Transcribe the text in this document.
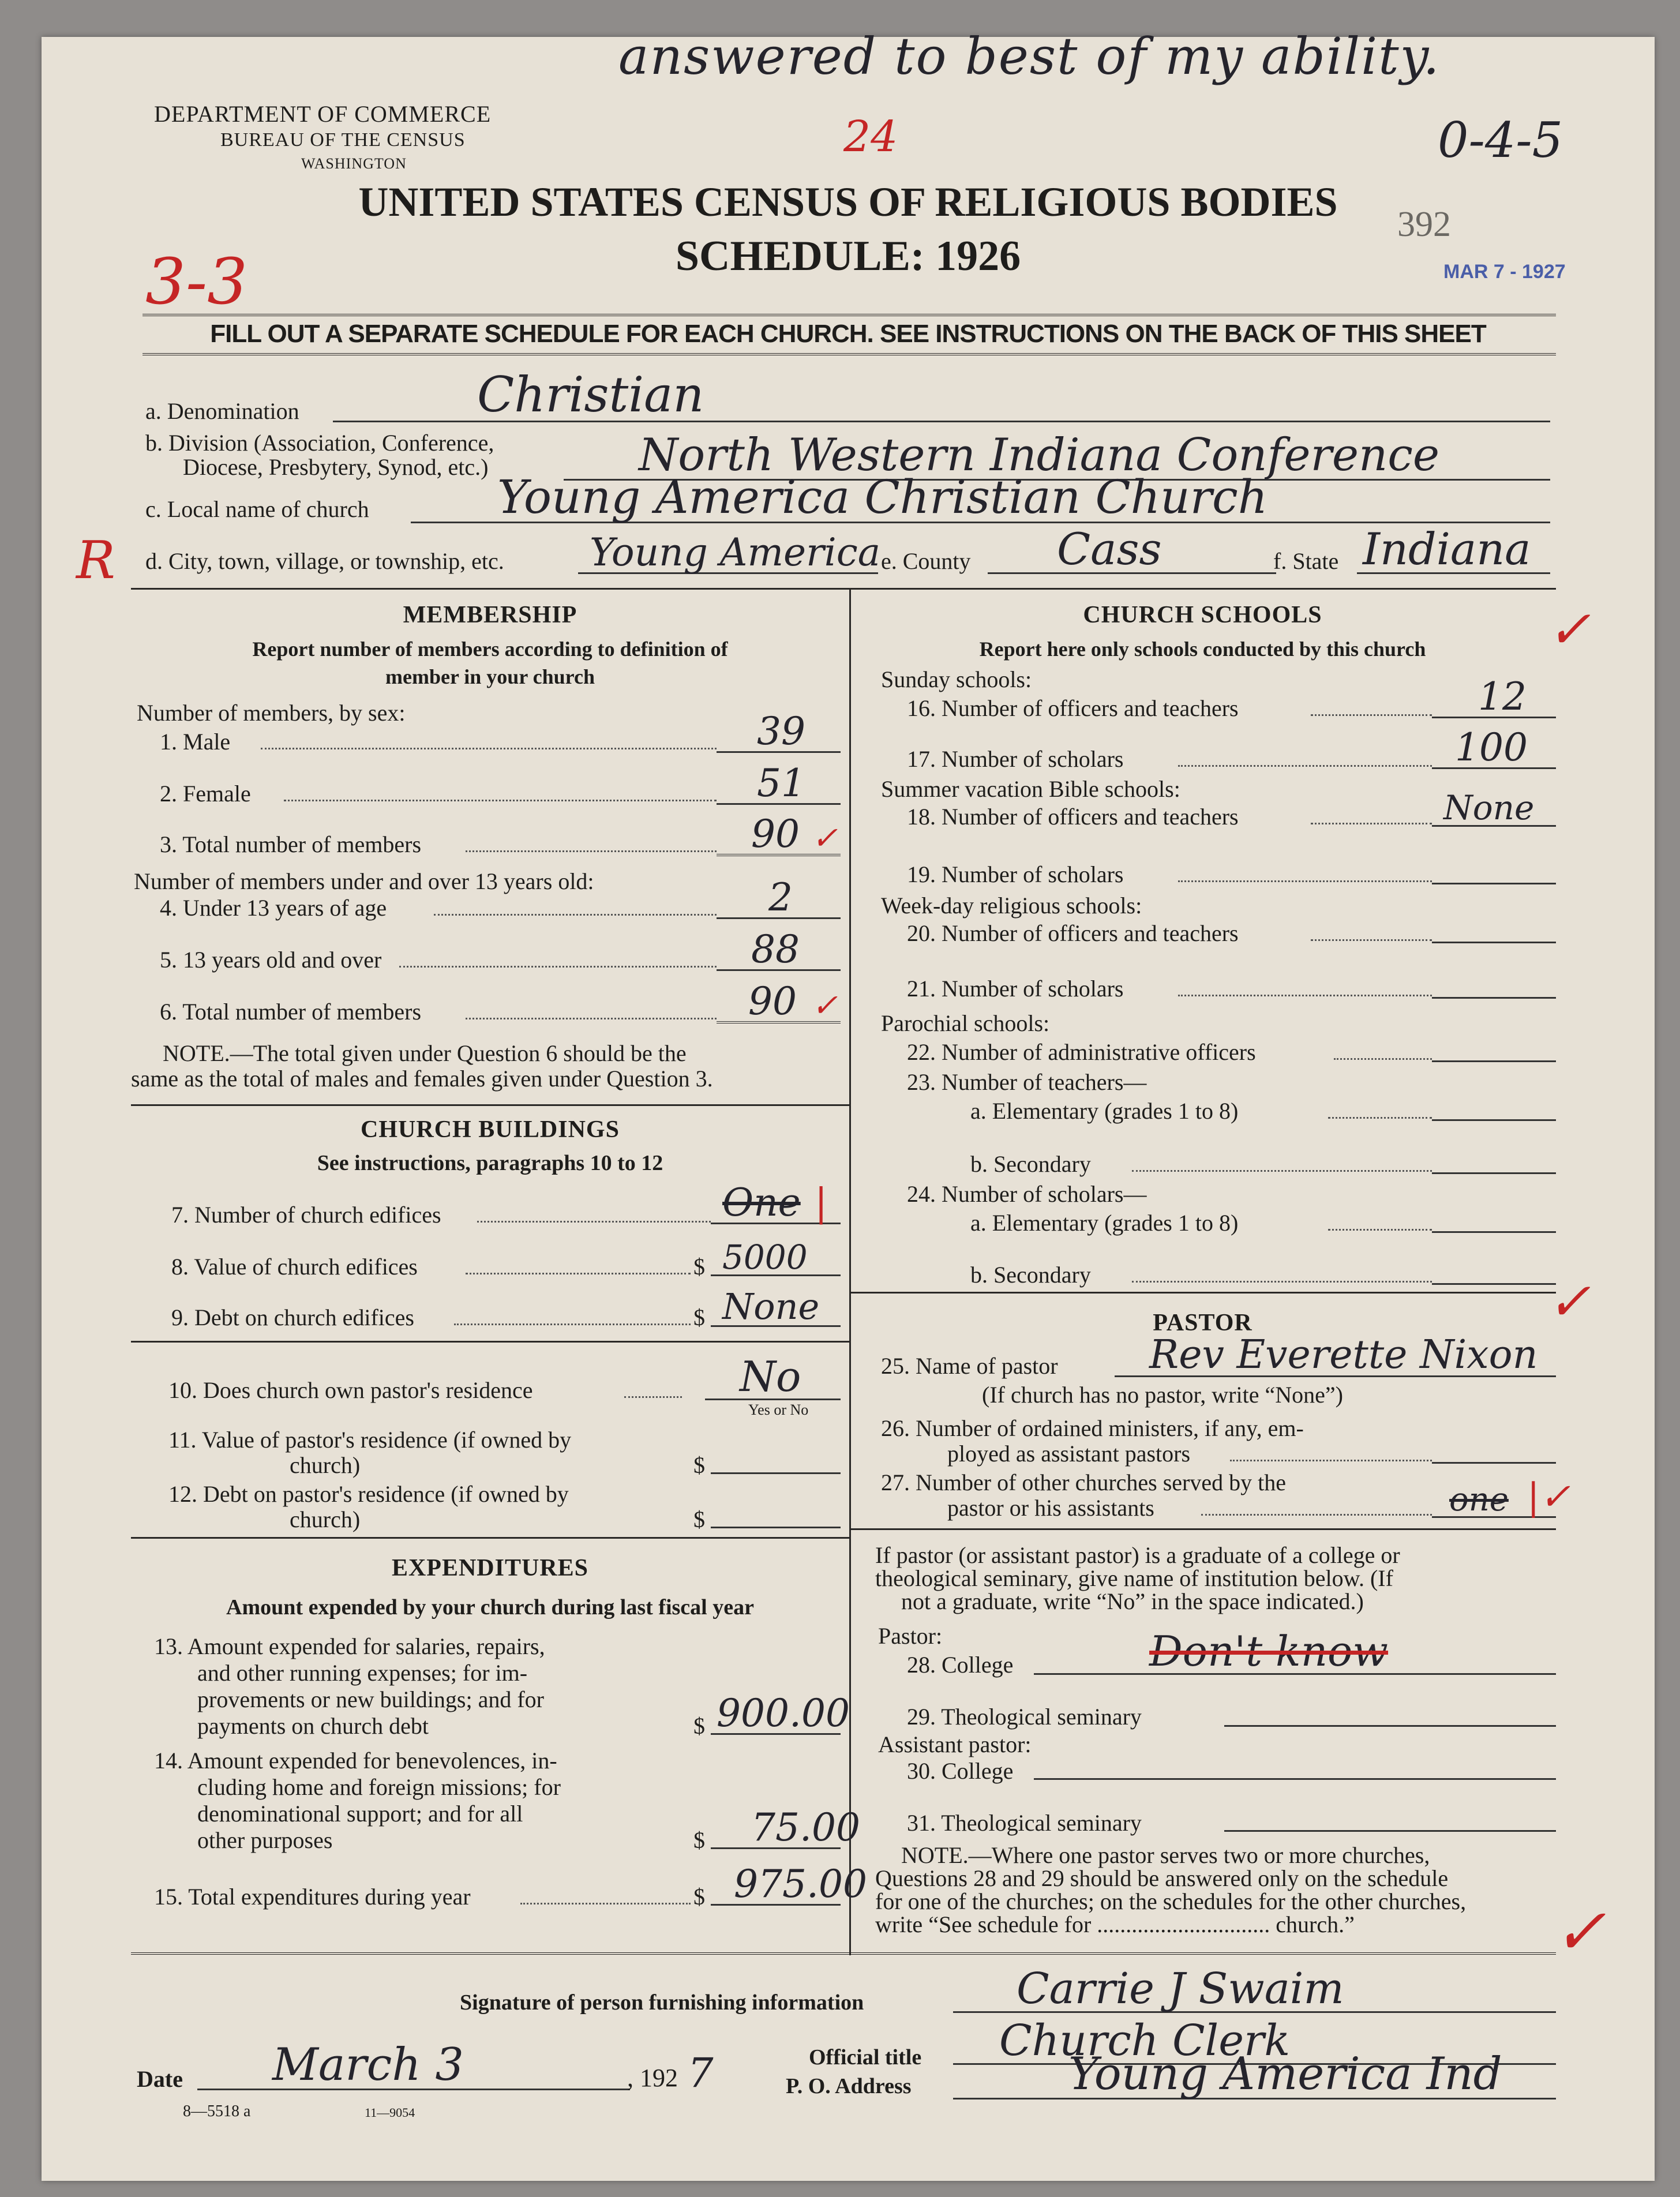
DEPARTMENT OF COMMERCE
BUREAU OF THE CENSUS
WASHINGTON
UNITED STATES CENSUS OF RELIGIOUS BODIES
SCHEDULE: 1926
answered to best of my ability.
0-4-5
24
3-3
392
MAR 7 - 1927
FILL OUT A SEPARATE SCHEDULE FOR EACH CHURCH. SEE INSTRUCTIONS ON THE BACK OF THIS SHEET
a. Denomination	Christian
b. Division (Association, Conference,
Diocese, Presbytery, Synod, etc.)	North Western Indiana Conference
c. Local name of church	Young America Christian Church
R d. City, town, village, or township, etc. Young America e. County Cass	f. State Indiana
MEMBERSHIP
Report number of members according to definition of
member in your church
Number of members, by sex:
1. Male	39
2. Female	51
3. Total number of members	90 ✓
Number of members under and over 13 years old:
4. Under 13 years of age	2
5. 13 years old and over	88
6. Total number of members	90 ✓
NOTE.—The total given under Question 6 should be the
same as the total of males and females given under Question 3.
CHURCH BUILDINGS
See instructions, paragraphs 10 to 12
7. Number of church edifices	One |
8. Value of church edifices	$ 5000
9. Debt on church edifices	$ None
10. Does church own pastor's residence	No
Yes or No
11. Value of pastor's residence (if owned by
church)	$
12. Debt on pastor's residence (if owned by
church)	$
EXPENDITURES
Amount expended by your church during last fiscal year
13. Amount expended for salaries, repairs,
and other running expenses; for im-
provements or new buildings; and for
payments on church debt	$ 900.00
14. Amount expended for benevolences, in-
cluding home and foreign missions; for
denominational support; and for all
other purposes	$ 75.00
15. Total expenditures during year	$ 975.00
CHURCH SCHOOLS	✓
Report here only schools conducted by this church
Sunday schools:
16. Number of officers and teachers	12
17. Number of scholars	100
Summer vacation Bible schools:
18. Number of officers and teachers	None
19. Number of scholars
Week-day religious schools:
20. Number of officers and teachers
21. Number of scholars
Parochial schools:
22. Number of administrative officers
23. Number of teachers—
a. Elementary (grades 1 to 8)
b. Secondary
24. Number of scholars—
a. Elementary (grades 1 to 8)
b. Secondary
PASTOR	✓
25. Name of pastor Rev Everette Nixon
(If church has no pastor, write “None”)
26. Number of ordained ministers, if any, em-
ployed as assistant pastors
27. Number of other churches served by the
pastor or his assistants	one |✓
If pastor (or assistant pastor) is a graduate of a college or
theological seminary, give name of institution below. (If
not a graduate, write “No” in the space indicated.)
Pastor:
28. College	Don't know
29. Theological seminary
Assistant pastor:
30. College
31. Theological seminary
NOTE.—Where one pastor serves two or more churches,
Questions 28 and 29 should be answered only on the schedule
for one of the churches; on the schedules for the other churches,
write “See schedule for .............................. church.”	✓
Signature of person furnishing information	Carrie J Swaim
Official title Church Clerk
Date March 3	, 192 7	P. O. Address	Young America Ind
8—5518 a	11—9054
